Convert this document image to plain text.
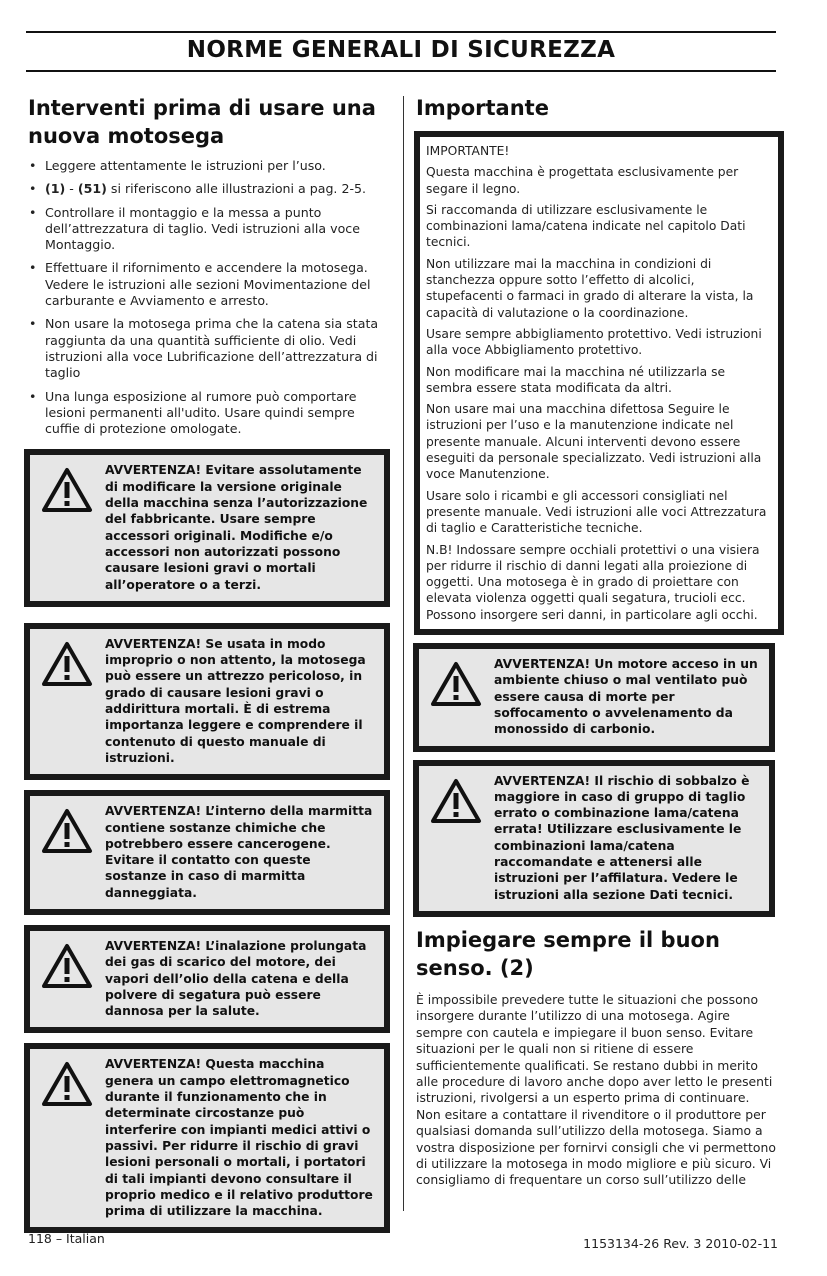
NORME GENERALI DI SICUREZZA
Interventi prima di usare una nuova motosega
• Leggere attentamente le istruzioni per l’uso.
• (1) - (51) si riferiscono alle illustrazioni a pag. 2-5.
• Controllare il montaggio e la messa a punto dell’attrezzatura di taglio. Vedi istruzioni alla voce Montaggio.
• Effettuare il rifornimento e accendere la motosega. Vedere le istruzioni alle sezioni Movimentazione del carburante e Avviamento e arresto.
• Non usare la motosega prima che la catena sia stata raggiunta da una quantità sufficiente di olio. Vedi istruzioni alla voce Lubrificazione dell’attrezzatura di taglio
• Una lunga esposizione al rumore può comportare lesioni permanenti all'udito. Usare quindi sempre cuffie di protezione omologate.
AVVERTENZA! Evitare assolutamente di modificare la versione originale della macchina senza l’autorizzazione del fabbricante. Usare sempre accessori originali. Modifiche e/o accessori non autorizzati possono causare lesioni gravi o mortali all’operatore o a terzi.
AVVERTENZA! Se usata in modo improprio o non attento, la motosega può essere un attrezzo pericoloso, in grado di causare lesioni gravi o addirittura mortali. È di estrema importanza leggere e comprendere il contenuto di questo manuale di istruzioni.
AVVERTENZA! L’interno della marmitta contiene sostanze chimiche che potrebbero essere cancerogene. Evitare il contatto con queste sostanze in caso di marmitta danneggiata.
AVVERTENZA! L’inalazione prolungata dei gas di scarico del motore, dei vapori dell’olio della catena e della polvere di segatura può essere dannosa per la salute.
AVVERTENZA! Questa macchina genera un campo elettromagnetico durante il funzionamento che in determinate circostanze può interferire con impianti medici attivi o passivi. Per ridurre il rischio di gravi lesioni personali o mortali, i portatori di tali impianti devono consultare il proprio medico e il relativo produttore prima di utilizzare la macchina.
Importante

IMPORTANTE!

Questa macchina è progettata esclusivamente per segare il legno.

Si raccomanda di utilizzare esclusivamente le combinazioni lama/catena indicate nel capitolo Dati tecnici.

Non utilizzare mai la macchina in condizioni di stanchezza oppure sotto l’effetto di alcolici, stupefacenti o farmaci in grado di alterare la vista, la capacità di valutazione o la coordinazione.

Usare sempre abbigliamento protettivo. Vedi istruzioni alla voce Abbigliamento protettivo.

Non modificare mai la macchina né utilizzarla se sembra essere stata modificata da altri.

Non usare mai una macchina difettosa Seguire le istruzioni per l’uso e la manutenzione indicate nel presente manuale. Alcuni interventi devono essere eseguiti da personale specializzato. Vedi istruzioni alla voce Manutenzione.

Usare solo i ricambi e gli accessori consigliati nel presente manuale. Vedi istruzioni alle voci Attrezzatura di taglio e Caratteristiche tecniche.

N.B! Indossare sempre occhiali protettivi o una visiera per ridurre il rischio di danni legati alla proiezione di oggetti. Una motosega è in grado di proiettare con elevata violenza oggetti quali segatura, trucioli ecc. Possono insorgere seri danni, in particolare agli occhi.

AVVERTENZA! Un motore acceso in un ambiente chiuso o mal ventilato può essere causa di morte per soffocamento o avvelenamento da monossido di carbonio.
AVVERTENZA! Il rischio di sobbalzo è maggiore in caso di gruppo di taglio errato o combinazione lama/catena errata! Utilizzare esclusivamente le combinazioni lama/catena raccomandate e attenersi alle istruzioni per l’affilatura. Vedere le istruzioni alla sezione Dati tecnici.
Impiegare sempre il buon senso. (2)
È impossibile prevedere tutte le situazioni che possono insorgere durante l’utilizzo di una motosega. Agire sempre con cautela e impiegare il buon senso. Evitare situazioni per le quali non si ritiene di essere sufficientemente qualificati. Se restano dubbi in merito alle procedure di lavoro anche dopo aver letto le presenti istruzioni, rivolgersi a un esperto prima di continuare. Non esitare a contattare il rivenditore o il produttore per qualsiasi domanda sull’utilizzo della motosega. Siamo a vostra disposizione per fornirvi consigli che vi permettono di utilizzare la motosega in modo migliore e più sicuro. Vi consigliamo di frequentare un corso sull’utilizzo delle
118 – Italian	1153134-26 Rev. 3 2010-02-11
